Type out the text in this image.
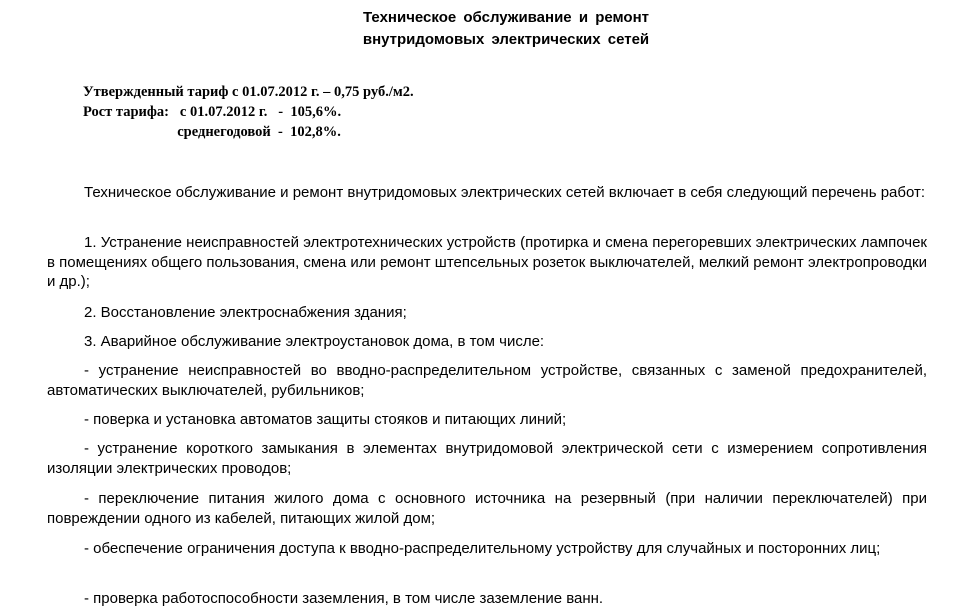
Техническое обслуживание и ремонт
внутридомовых электрических сетей
Утвержденный тариф с 01.07.2012 г. – 0,75 руб./м2.
Рост тарифа:   с 01.07.2012 г.   -  105,6%.
среднегодовой  -  102,8%.

Техническое обслуживание и ремонт внутридомовых электрических сетей включает в себя следующий перечень работ:

1. Устранение неисправностей электротехнических устройств (протирка и смена перегоревших электрических лампочек в помещениях общего пользования, смена или ремонт штепсельных розеток выключателей, мелкий ремонт электропроводки и др.);

2. Восстановление электроснабжения здания;

3. Аварийное обслуживание электроустановок дома, в том числе:

- устранение неисправностей во вводно-распределительном устройстве, связанных с заменой предохранителей, автоматических выключателей, рубильников;

- поверка и установка автоматов защиты стояков и питающих линий;

- устранение короткого замыкания в элементах внутридомовой электрической сети с измерением сопротивления изоляции электрических проводов;

- переключение питания жилого дома с основного источника на резервный (при наличии переключателей) при повреждении одного из кабелей, питающих жилой дом;

- обеспечение ограничения доступа к вводно-распределительному устройству для случайных и посторонних лиц;

- проверка работоспособности заземления, в том числе заземление ванн.
